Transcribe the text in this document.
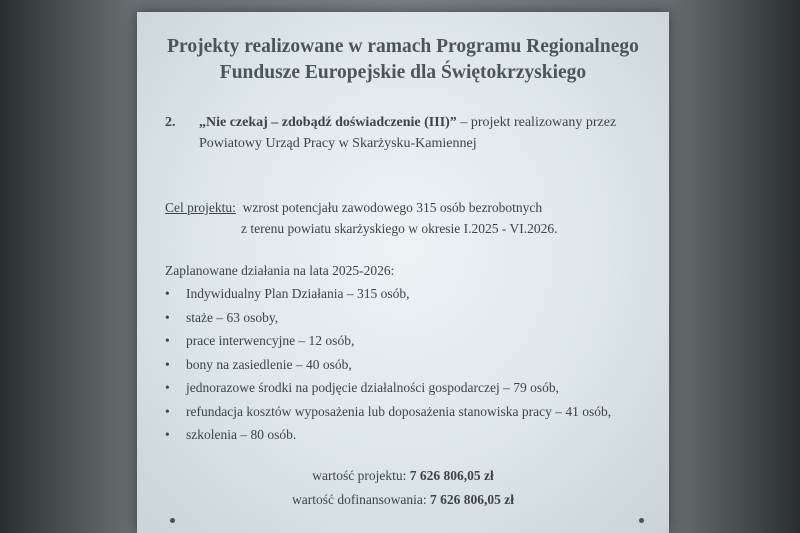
Projekty realizowane w ramach Programu Regionalnego
Fundusze Europejskie dla Świętokrzyskiego
2. „Nie czekaj – zdobądź doświadczenie (III)” – projekt realizowany przez
Powiatowy Urząd Pracy w Skarżysku-Kamiennej
Cel projektu: wzrost potencjału zawodowego 315 osób bezrobotnych
z terenu powiatu skarżyskiego w okresie I.2025 - VI.2026.
Zaplanowane działania na lata 2025-2026:
• Indywidualny Plan Działania – 315 osób,
• staże – 63 osoby,
• prace interwencyjne – 12 osób,
• bony na zasiedlenie – 40 osób,
• jednorazowe środki na podjęcie działalności gospodarczej – 79 osób,
• refundacja kosztów wyposażenia lub doposażenia stanowiska pracy – 41 osób,
• szkolenia – 80 osób.
wartość projektu: 7 626 806,05 zł
wartość dofinansowania: 7 626 806,05 zł
